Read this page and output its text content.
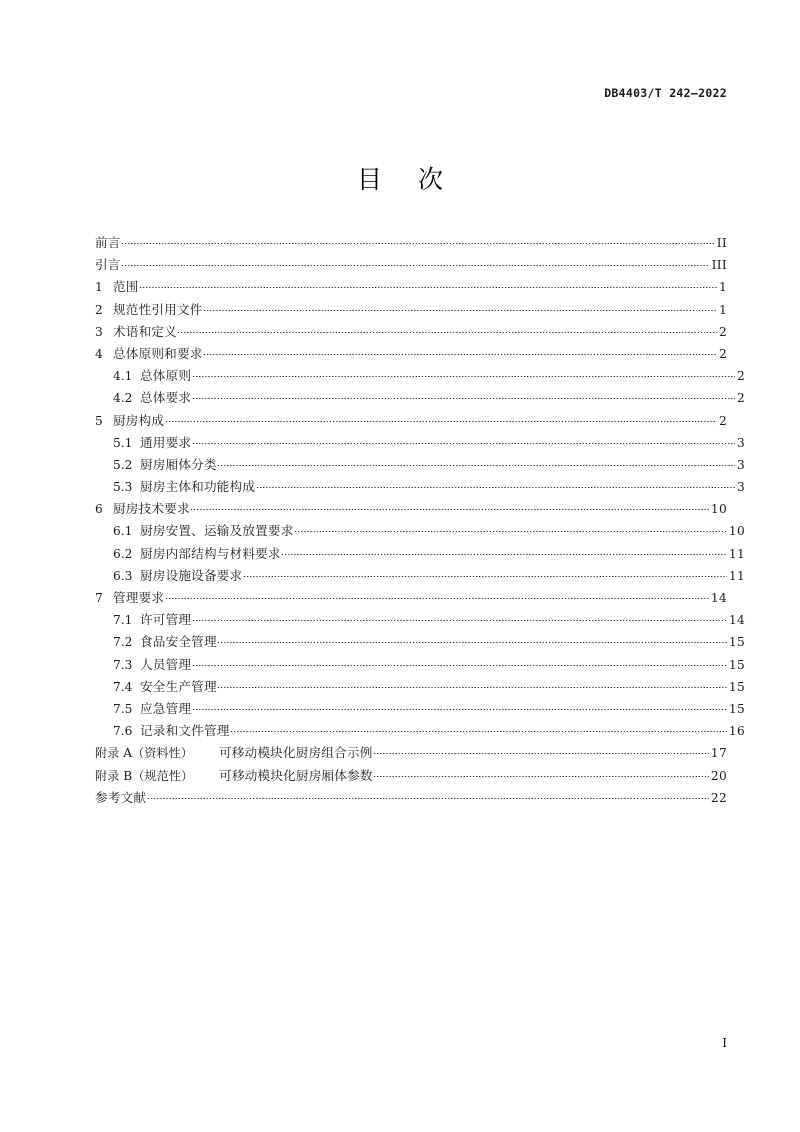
DB4403/T 242—2022
目 次
前言	II
引言	III
1 范围	1
2 规范性引用文件	1
3 术语和定义	2
4 总体原则和要求	2
4.1 总体原则	2
4.2 总体要求	2
5 厨房构成	2
5.1 通用要求	3
5.2 厨房厢体分类	3
5.3 厨房主体和功能构成	3
6 厨房技术要求	10
6.1 厨房安置、运输及放置要求	10
6.2 厨房内部结构与材料要求	11
6.3 厨房设施设备要求	11
7 管理要求	14
7.1 许可管理	14
7.2 食品安全管理	15
7.3 人员管理	15
7.4 安全生产管理	15
7.5 应急管理	15
7.6 记录和文件管理	16
附录 A（资料性） 可移动模块化厨房组合示例	17
附录 B（规范性） 可移动模块化厨房厢体参数	20
参考文献	22
I
